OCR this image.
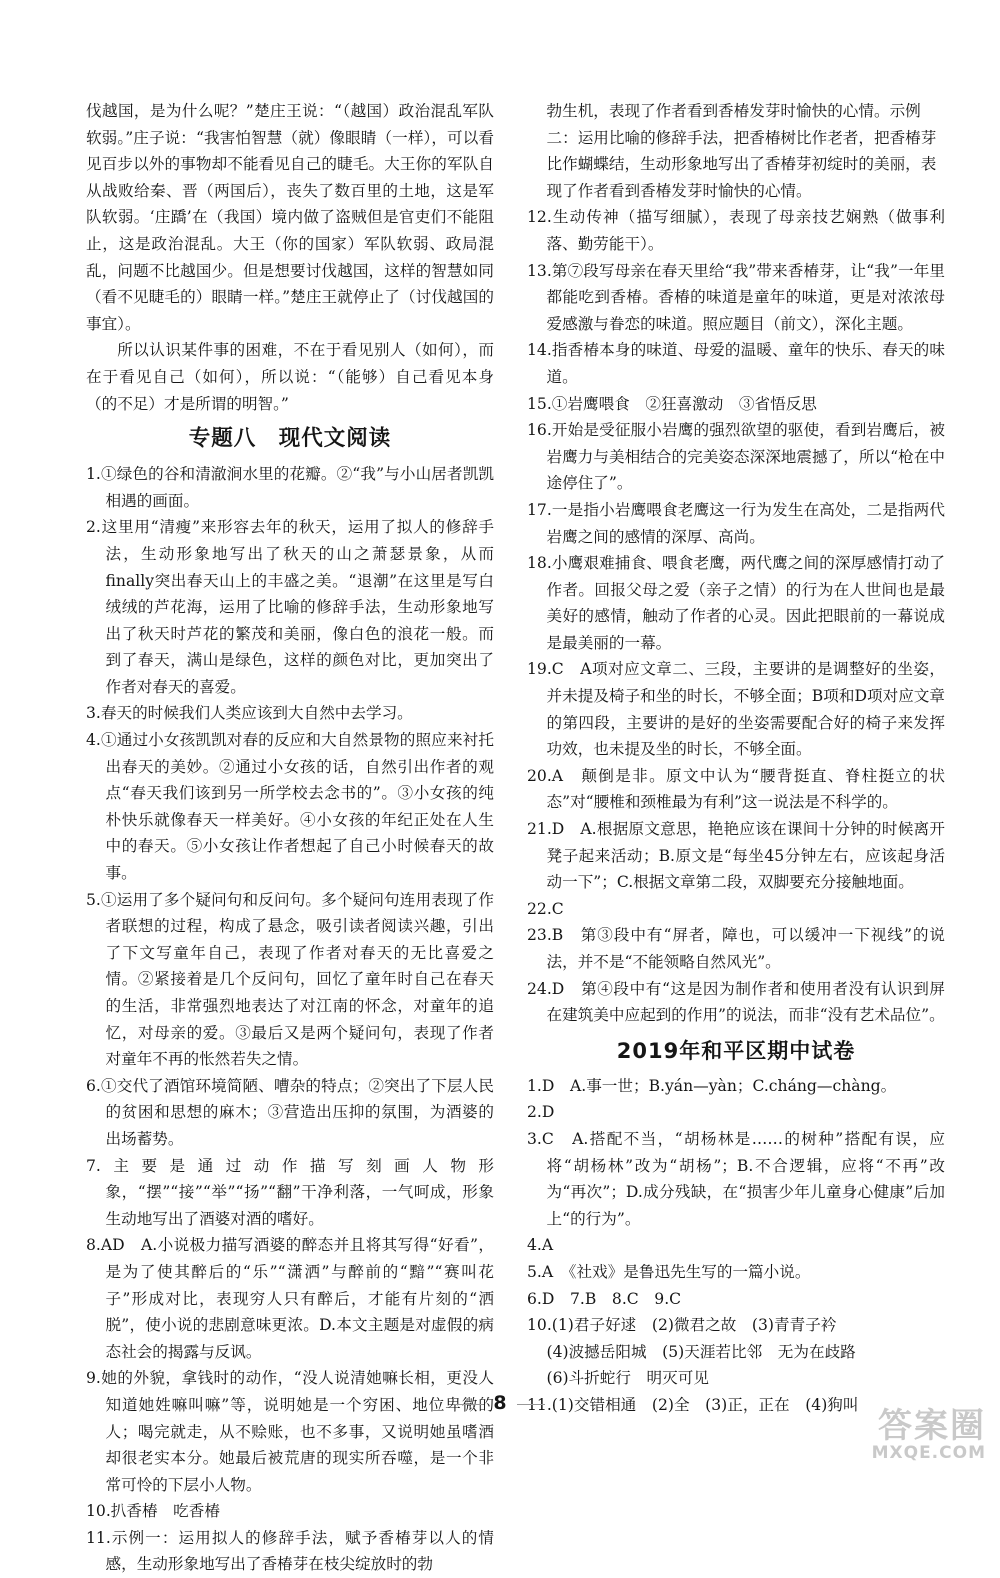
伐越国，是为什么呢？”楚庄王说：“（越国）政治混乱军队软弱。”庄子说：“我害怕智慧（就）像眼睛（一样），可以看见百步以外的事物却不能看见自己的睫毛。大王你的军队自从战败给秦、晋（两国后），丧失了数百里的土地，这是军队软弱。‘庄蹻’在（我国）境内做了盗贼但是官吏们不能阻止，这是政治混乱。大王（你的国家）军队软弱、政局混乱，问题不比越国少。但是想要讨伐越国，这样的智慧如同（看不见睫毛的）眼睛一样。”楚庄王就停止了（讨伐越国的事宜）。

所以认识某件事的困难，不在于看见别人（如何），而在于看见自己（如何），所以说：“（能够）自己看见本身（的不足）才是所谓的明智。”

专题八　现代文阅读

1.①绿色的谷和清澈涧水里的花瓣。②“我”与小山居者凯凯相遇的画面。

2.这里用“清瘦”来形容去年的秋天，运用了拟人的修辞手法，生动形象地写出了秋天的山之萧瑟景象，从而finally突出春天山上的丰盛之美。“退潮”在这里是写白绒绒的芦花海，运用了比喻的修辞手法，生动形象地写出了秋天时芦花的繁茂和美丽，像白色的浪花一般。而到了春天，满山是绿色，这样的颜色对比，更加突出了作者对春天的喜爱。

3.春天的时候我们人类应该到大自然中去学习。

4.①通过小女孩凯凯对春的反应和大自然景物的照应来衬托出春天的美妙。②通过小女孩的话，自然引出作者的观点“春天我们该到另一所学校去念书的”。③小女孩的纯朴快乐就像春天一样美好。④小女孩的年纪正处在人生中的春天。⑤小女孩让作者想起了自己小时候春天的故事。

5.①运用了多个疑问句和反问句。多个疑问句连用表现了作者联想的过程，构成了悬念，吸引读者阅读兴趣，引出了下文写童年自己，表现了作者对春天的无比喜爱之情。②紧接着是几个反问句，回忆了童年时自己在春天的生活，非常强烈地表达了对江南的怀念，对童年的追忆，对母亲的爱。③最后又是两个疑问句，表现了作者对童年不再的怅然若失之情。

6.①交代了酒馆环境简陋、嘈杂的特点；②突出了下层人民的贫困和思想的麻木；③营造出压抑的氛围，为酒婆的出场蓄势。

7.主要是通过动作描写刻画人物形象，“摆”“接”“举”“扬”“翻”干净利落，一气呵成，形象生动地写出了酒婆对酒的嗜好。

8.AD　A.小说极力描写酒婆的醉态并且将其写得“好看”，是为了使其醉后的“乐”“潇洒”与醉前的“黯”“赛叫花子”形成对比，表现穷人只有醉后，才能有片刻的“洒脱”，使小说的悲剧意味更浓。D.本文主题是对虚假的病态社会的揭露与反讽。

9.她的外貌，拿钱时的动作，“没人说清她嘛长相，更没人知道她姓嘛叫嘛”等，说明她是一个穷困、地位卑微的人；喝完就走，从不赊账，也不多事，又说明她虽嗜酒却很老实本分。她最后被荒唐的现实所吞噬，是一个非常可怜的下层小人物。

10.扒香椿　吃香椿

11.示例一：运用拟人的修辞手法，赋予香椿芽以人的情感，生动形象地写出了香椿芽在枝尖绽放时的勃

勃生机，表现了作者看到香椿发芽时愉快的心情。示例二：运用比喻的修辞手法，把香椿树比作老者，把香椿芽比作蝴蝶结，生动形象地写出了香椿芽初绽时的美丽，表现了作者看到香椿发芽时愉快的心情。

12.生动传神（描写细腻），表现了母亲技艺娴熟（做事利落、勤劳能干）。

13.第⑦段写母亲在春天里给“我”带来香椿芽，让“我”一年里都能吃到香椿。香椿的味道是童年的味道，更是对浓浓母爱感激与眷恋的味道。照应题目（前文），深化主题。

14.指香椿本身的味道、母爱的温暖、童年的快乐、春天的味道。

15.①岩鹰喂食　②狂喜激动　③省悟反思

16.开始是受征服小岩鹰的强烈欲望的驱使，看到岩鹰后，被岩鹰力与美相结合的完美姿态深深地震撼了，所以“枪在中途停住了”。

17.一是指小岩鹰喂食老鹰这一行为发生在高处，二是指两代岩鹰之间的感情的深厚、高尚。

18.小鹰艰难捕食、喂食老鹰，两代鹰之间的深厚感情打动了作者。回报父母之爱（亲子之情）的行为在人世间也是最美好的感情，触动了作者的心灵。因此把眼前的一幕说成是最美丽的一幕。

19.C　A项对应文章二、三段，主要讲的是调整好的坐姿，并未提及椅子和坐的时长，不够全面；B项和D项对应文章的第四段，主要讲的是好的坐姿需要配合好的椅子来发挥功效，也未提及坐的时长，不够全面。

20.A　颠倒是非。原文中认为“腰背挺直、脊柱挺立的状态”对“腰椎和颈椎最为有利”这一说法是不科学的。

21.D　A.根据原文意思，艳艳应该在课间十分钟的时候离开凳子起来活动；B.原文是“每坐45分钟左右，应该起身活动一下”；C.根据文章第二段，双脚要充分接触地面。

22.C

23.B　第③段中有“屏者，障也，可以缓冲一下视线”的说法，并不是“不能领略自然风光”。

24.D　第④段中有“这是因为制作者和使用者没有认识到屏在建筑美中应起到的作用”的说法，而非“没有艺术品位”。

2019年和平区期中试卷

1.D　A.事一世；B.yán—yàn；C.cháng—chàng。

2.D

3.C　A.搭配不当，“胡杨林是……的树种”搭配有误，应将“胡杨林”改为“胡杨”；B.不合逻辑，应将“不再”改为“再次”；D.成分残缺，在“损害少年儿童身心健康”后加上“的行为”。

4.A

5.A　《社戏》是鲁迅先生写的一篇小说。

6.D　7.B　8.C　9.C

10.(1)君子好逑　(2)微君之故　(3)青青子衿

(4)波撼岳阳城　(5)天涯若比邻　无为在歧路

(6)斗折蛇行　明灭可见

11.(1)交错相通　(2)全　(3)正，正在　(4)狗叫

8
答案圈
MXQE.COM
